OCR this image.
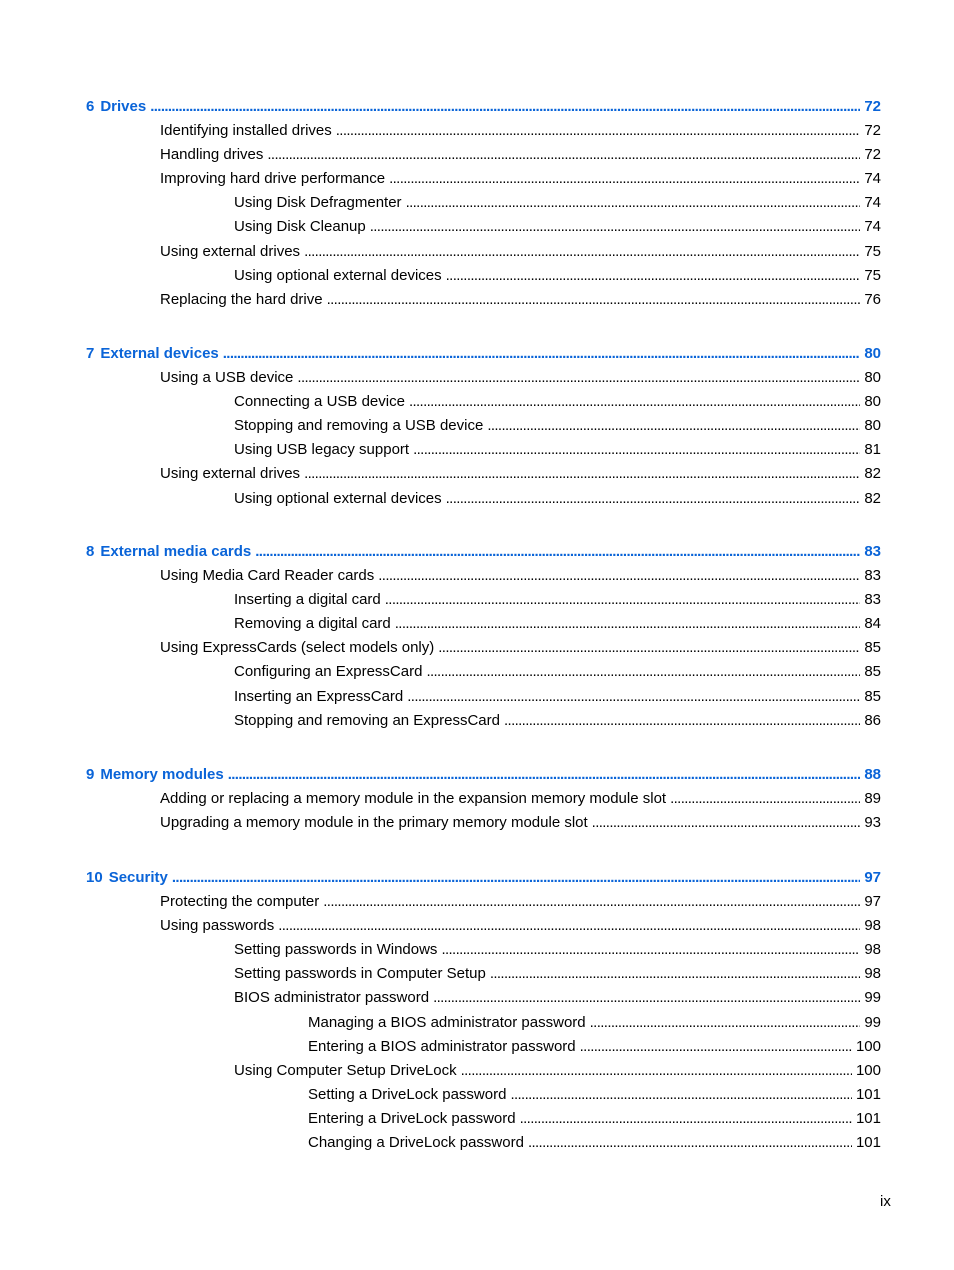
6 Drives . . .	72
Identifying installed drives . . .	72
Handling drives . . .	72
Improving hard drive performance . . .	74
Using Disk Defragmenter . . .	74
Using Disk Cleanup . . .	74
Using external drives . . .	75
Using optional external devices . . .	75
Replacing the hard drive . . .	76
7 External devices . . .	80
Using a USB device . . .	80
Connecting a USB device . . .	80
Stopping and removing a USB device . . .	80
Using USB legacy support . . .	81
Using external drives . . .	82
Using optional external devices . . .	82
8 External media cards . . .	83
Using Media Card Reader cards . . .	83
Inserting a digital card . . .	83
Removing a digital card . . .	84
Using ExpressCards (select models only) . . .	85
Configuring an ExpressCard . . .	85
Inserting an ExpressCard . . .	85
Stopping and removing an ExpressCard . . .	86
9 Memory modules . . .	88
Adding or replacing a memory module in the expansion memory module slot . . .	89
Upgrading a memory module in the primary memory module slot . . .	93
10 Security . . .	97
Protecting the computer . . .	97
Using passwords . . .	98
Setting passwords in Windows . . .	98
Setting passwords in Computer Setup . . .	98
BIOS administrator password . . .	99
Managing a BIOS administrator password . . .	99
Entering a BIOS administrator password . . .	100
Using Computer Setup DriveLock . . .	100
Setting a DriveLock password . . .	101
Entering a DriveLock password . . .	101
Changing a DriveLock password . . .	101
ix
